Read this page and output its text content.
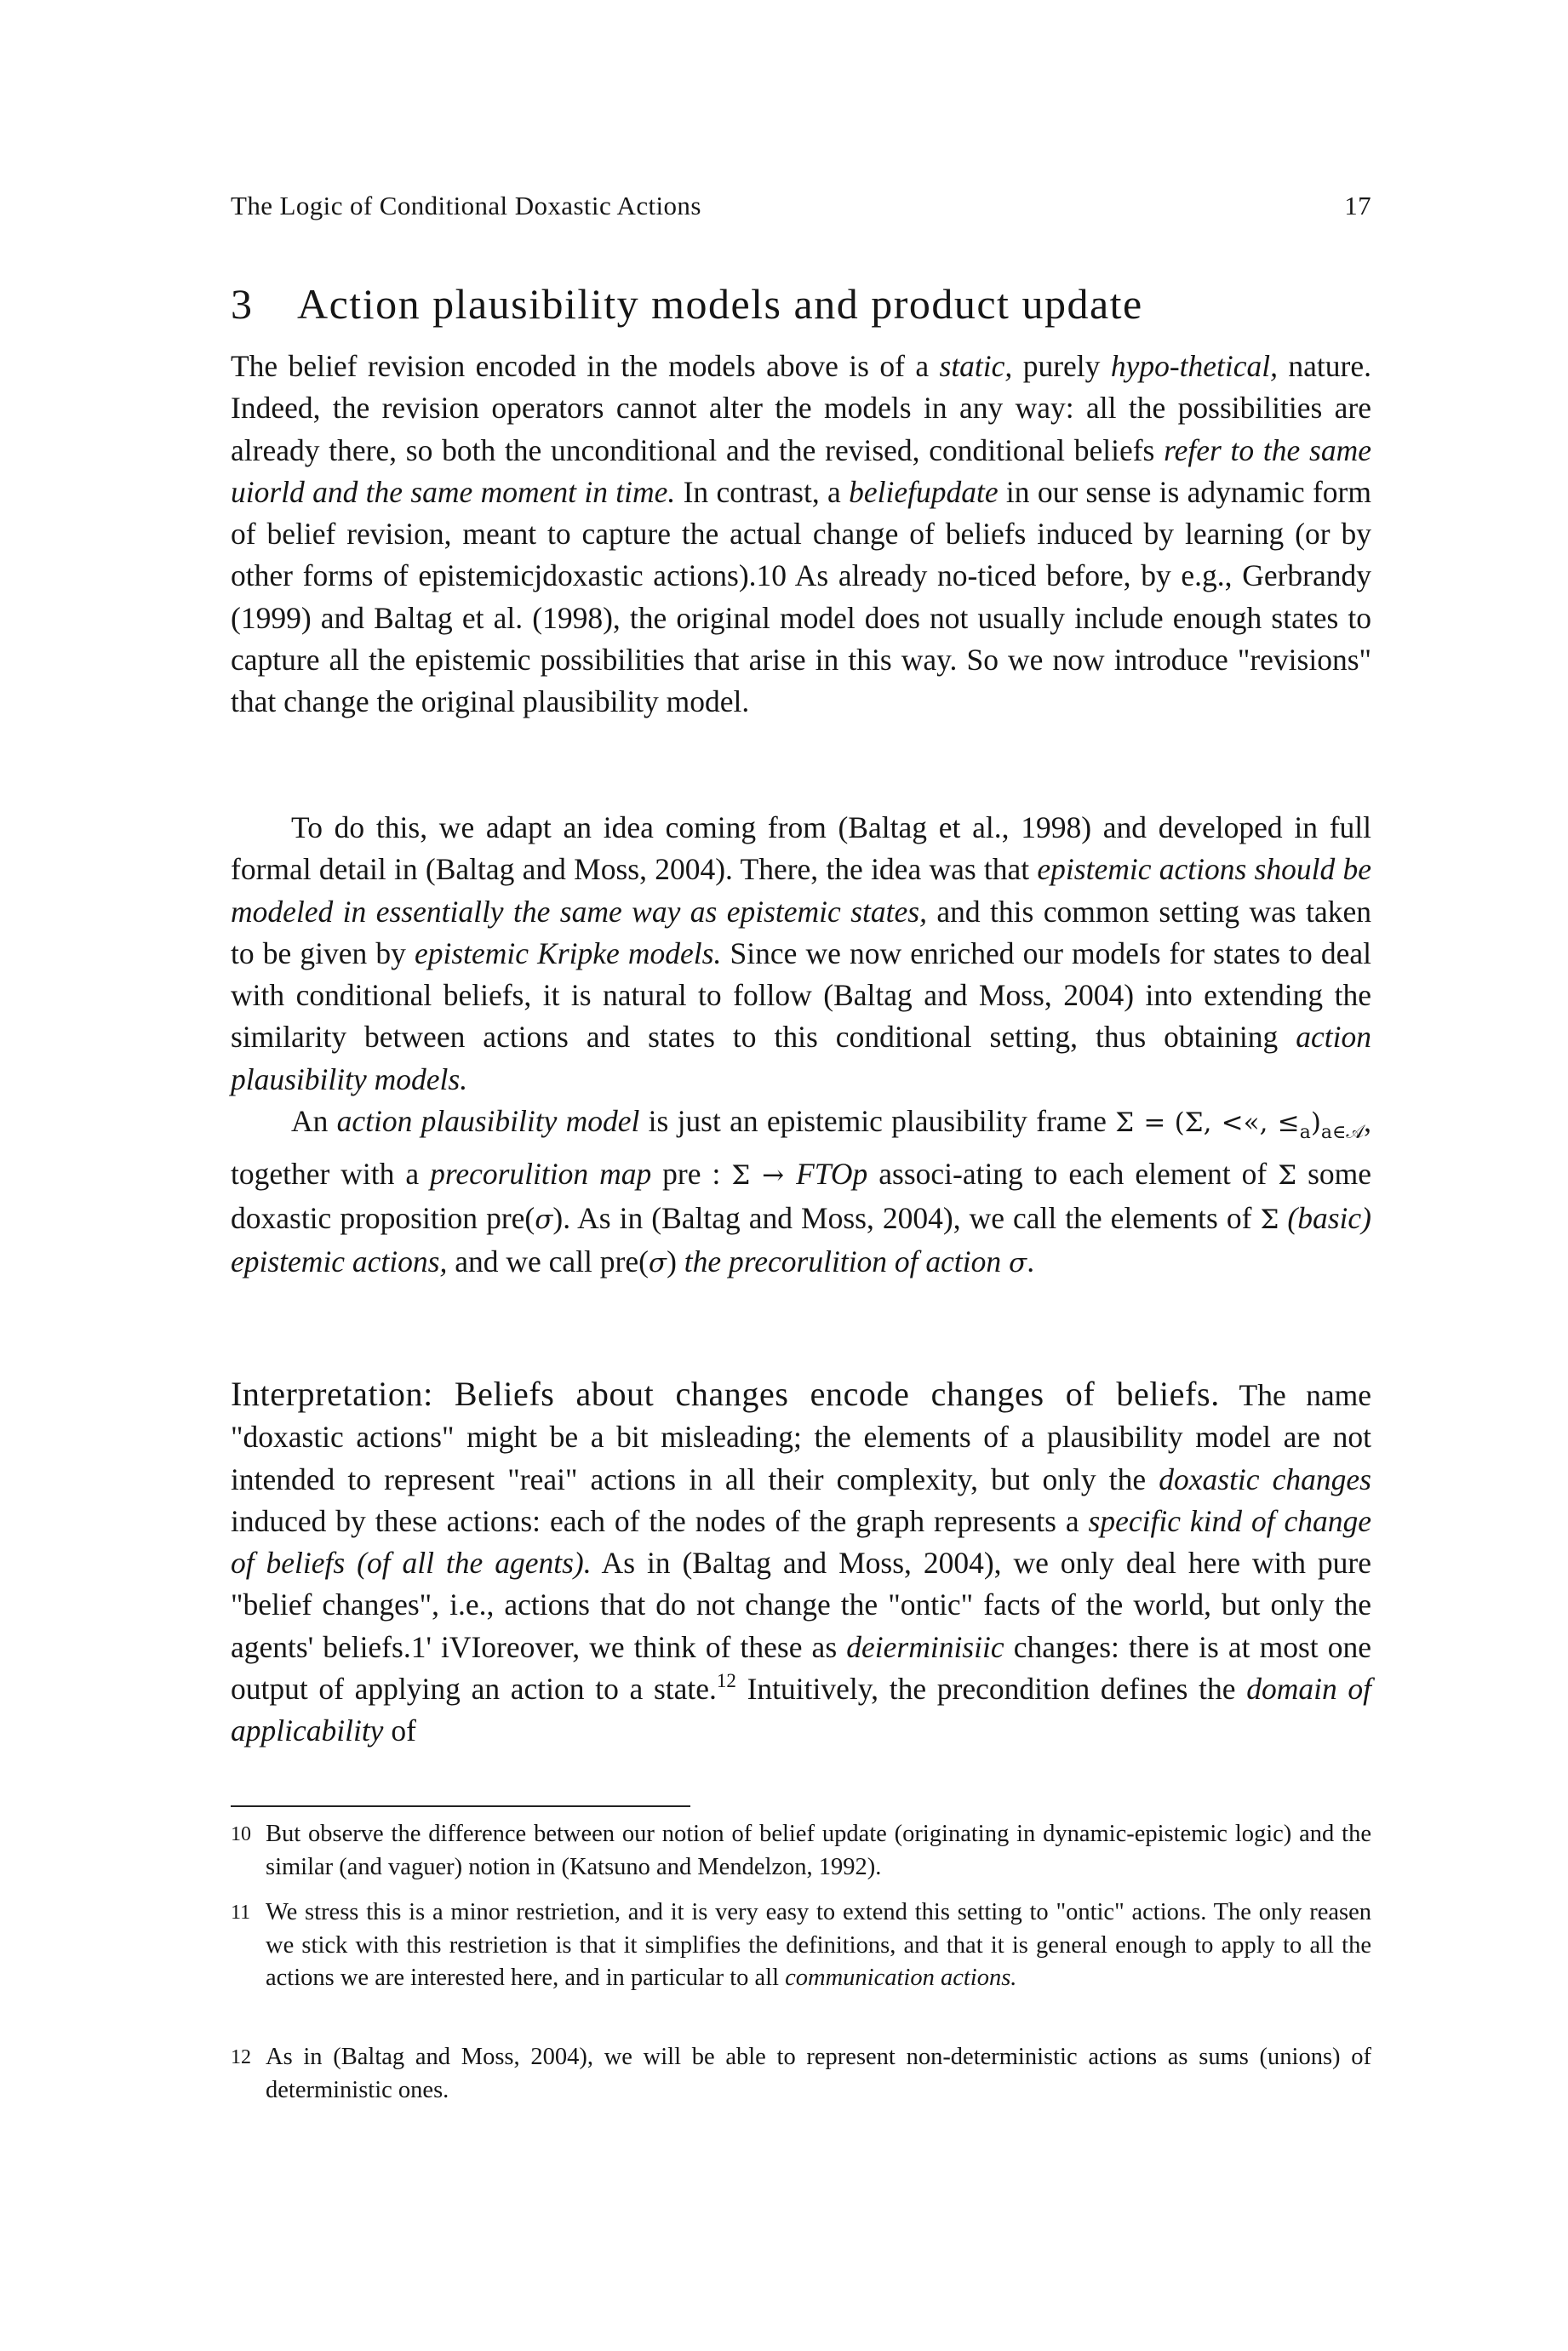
The Logic of Conditional Doxastic Actions	17
3 Action plausibility models and product update

The belief revision encoded in the models above is of a static, purely hypo-thetical, nature. Indeed, the revision operators cannot alter the models in any way: all the possibilities are already there, so both the unconditional and the revised, conditional beliefs refer to the same uiorld and the same moment in time. In contrast, a beliefupdate in our sense is adynamic form of belief revision, meant to capture the actual change of beliefs induced by learning (or by other forms of epistemicjdoxastic actions).10 As already no-ticed before, by e.g., Gerbrandy (1999) and Baltag et al. (1998), the original model does not usually include enough states to capture all the epistemic possibilities that arise in this way. So we now introduce "revisions" that change the original plausibility model.

To do this, we adapt an idea coming from (Baltag et al., 1998) and developed in full formal detail in (Baltag and Moss, 2004). There, the idea was that epistemic actions should be modeled in essentially the same way as epistemic states, and this common setting was taken to be given by epistemic Kripke models. Since we now enriched our modeIs for states to deal with conditional beliefs, it is natural to follow (Baltag and Moss, 2004) into extending the similarity between actions and states to this conditional setting, thus obtaining action plausibility models.

An action plausibility model is just an epistemic plausibility frame Σ = (Σ, <«, $\le_a)_{a\in 𝒜}$, together with a precorulition map pre : Σ → FTOp associ-ating to each element of Σ some doxastic proposition pre(σ). As in (Baltag and Moss, 2004), we call the elements of Σ (basic) epistemic actions, and we call pre(σ) the precorulition of action σ.

Interpretation: Beliefs about changes encode changes of beliefs. The name "doxastic actions" might be a bit misleading; the elements of a plausibility model are not intended to represent "reai" actions in all their complexity, but only the doxastic changes induced by these actions: each of the nodes of the graph represents a specific kind of change of beliefs (of all the agents). As in (Baltag and Moss, 2004), we only deal here with pure "belief changes", i.e., actions that do not change the "ontic" facts of the world, but only the agents' beliefs.1' iVIoreover, we think of these as deierminisiic changes: there is at most one output of applying an action to a state.$^{12}$ Intuitively, the precondition defines the domain of applicability of

10 But observe the difference between our notion of belief update (originating in dynamic-epistemic logic) and the similar (and vaguer) notion in (Katsuno and Mendelzon, 1992).
11 We stress this is a minor restrietion, and it is very easy to extend this setting to "ontic" actions. The only reasen we stick with this restrietion is that it simplifies the definitions, and that it is general enough to apply to all the actions we are interested here, and in particular to all communication actions.
12 As in (Baltag and Moss, 2004), we will be able to represent non-deterministic actions as sums (unions) of deterministic ones.
